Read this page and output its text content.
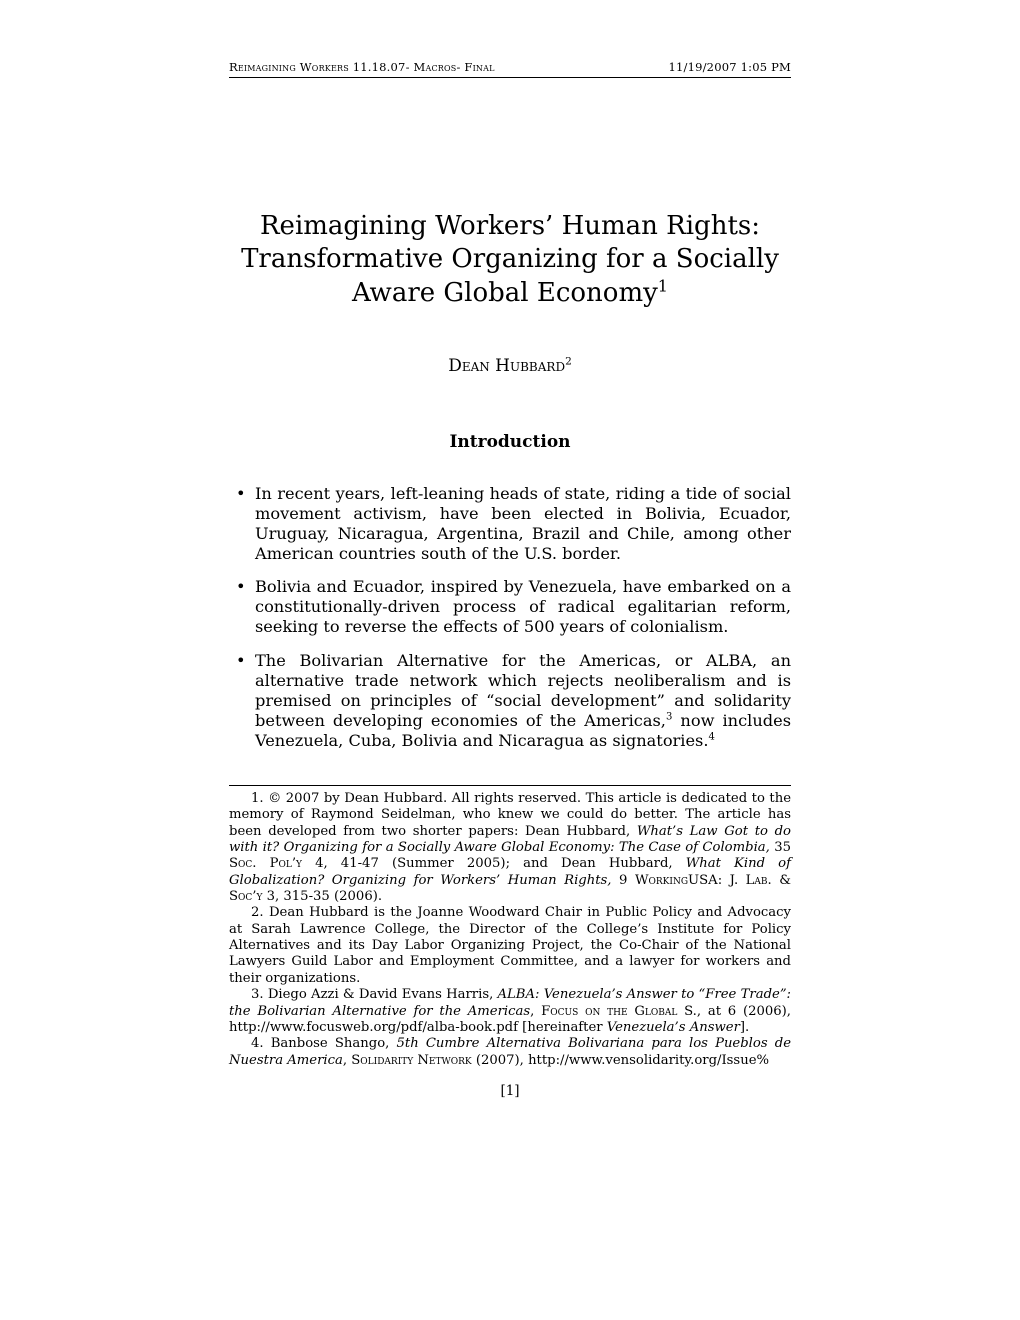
Reimagining Workers 11.18.07- Macros- Final	11/19/2007 1:05 PM
Reimagining Workers’ Human Rights: Transformative Organizing for a Socially Aware Global Economy$^1$
Dean Hubbard$^2$
Introduction
• In recent years, left-leaning heads of state, riding a tide of social movement activism, have been elected in Bolivia, Ecuador, Uruguay, Nicaragua, Argentina, Brazil and Chile, among other American countries south of the U.S. border.
• Bolivia and Ecuador, inspired by Venezuela, have embarked on a constitutionally-driven process of radical egalitarian reform, seeking to reverse the effects of 500 years of colonialism.
• The Bolivarian Alternative for the Americas, or ALBA, an alternative trade network which rejects neoliberalism and is premised on principles of “social development” and solidarity between developing economies of the Americas,$^3$ now includes Venezuela, Cuba, Bolivia and Nicaragua as signatories.$^4$

1. © 2007 by Dean Hubbard. All rights reserved. This article is dedicated to the memory of Raymond Seidelman, who knew we could do better. The article has been developed from two shorter papers: Dean Hubbard, What’s Law Got to do with it? Organizing for a Socially Aware Global Economy: The Case of Colombia, 35 Soc. Pol’y 4, 41-47 (Summer 2005); and Dean Hubbard, What Kind of Globalization? Organizing for Workers’ Human Rights, 9 WorkingUSA: J. Lab. & Soc’y 3, 315-35 (2006).

2. Dean Hubbard is the Joanne Woodward Chair in Public Policy and Advocacy at Sarah Lawrence College, the Director of the College’s Institute for Policy Alternatives and its Day Labor Organizing Project, the Co-Chair of the National Lawyers Guild Labor and Employment Committee, and a lawyer for workers and their organizations.

3. Diego Azzi & David Evans Harris, ALBA: Venezuela’s Answer to “Free Trade”: the Bolivarian Alternative for the Americas, Focus on the Global S., at 6 (2006), http://www.focusweb.org/pdf/alba-book.pdf [hereinafter Venezuela’s Answer].

4. Banbose Shango, 5th Cumbre Alternativa Bolivariana para los Pueblos de Nuestra America, Solidarity Network (2007), http://www.vensolidarity.org/Issue%

[1]
